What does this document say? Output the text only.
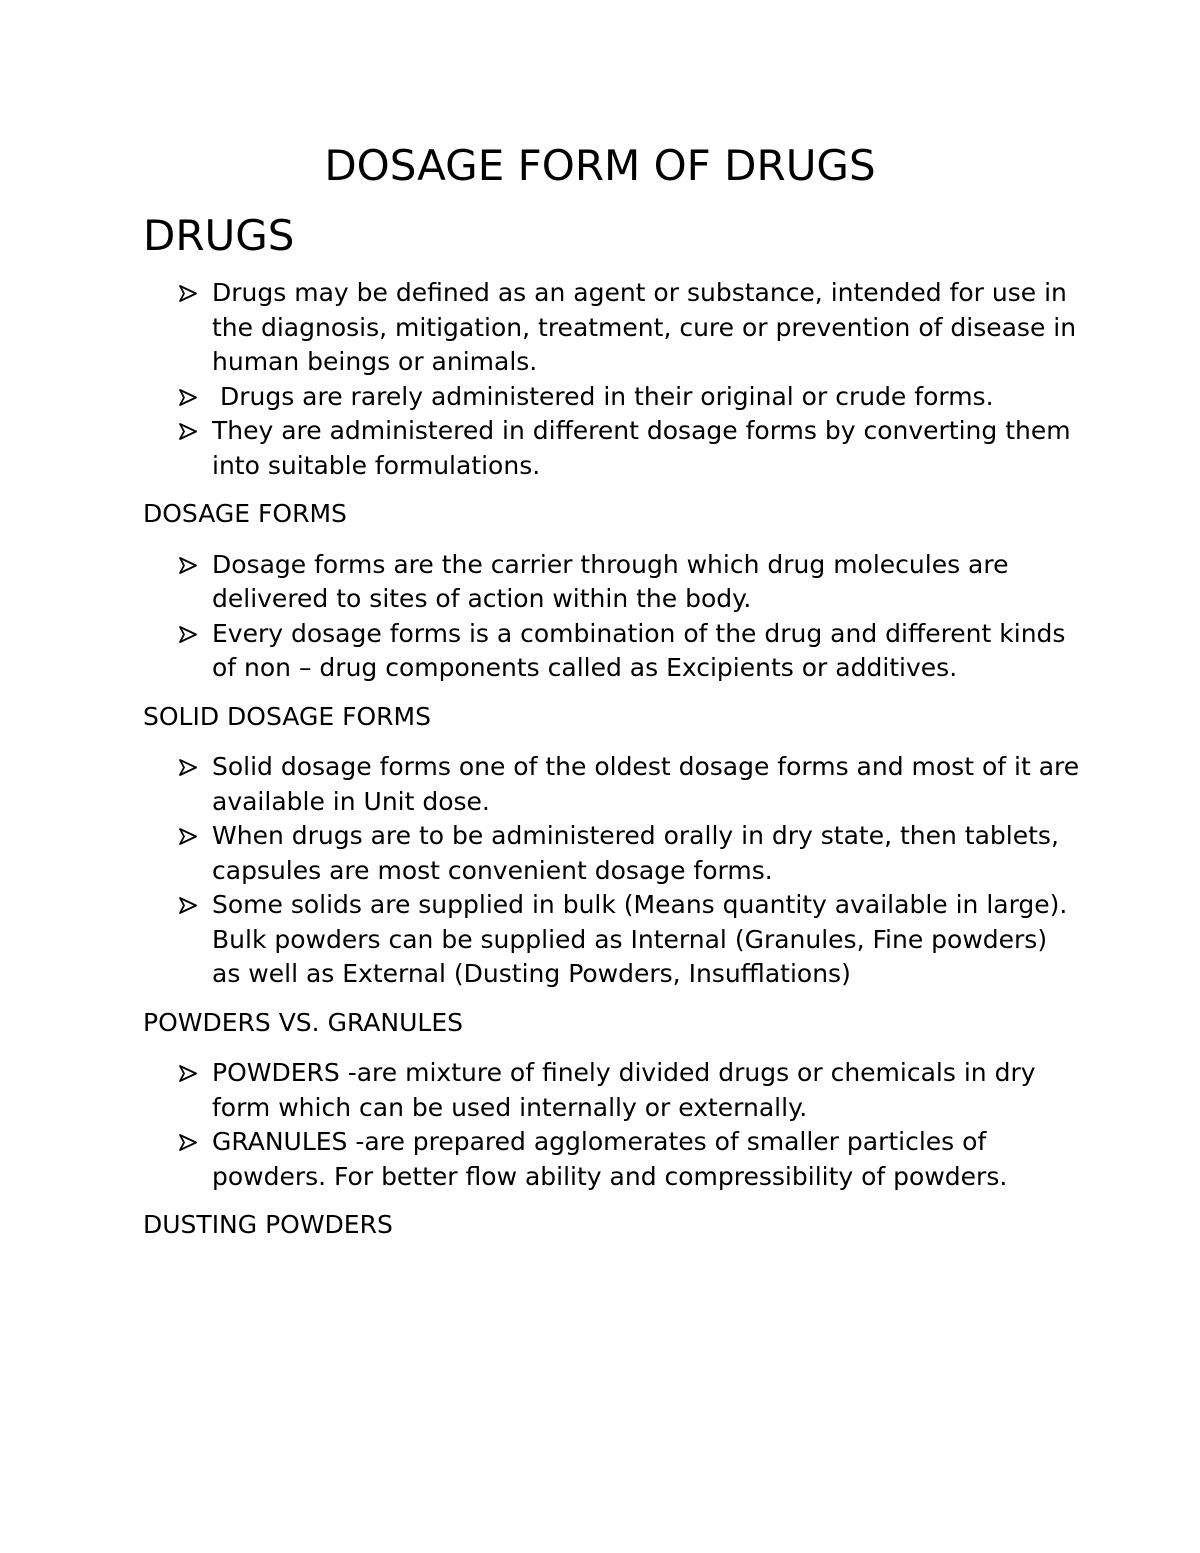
DOSAGE FORM OF DRUGS
DRUGS
Drugs may be defined as an agent or substance, intended for use in the diagnosis, mitigation, treatment, cure or prevention of disease in human beings or animals.
Drugs are rarely administered in their original or crude forms.
They are administered in different dosage forms by converting them into suitable formulations.
DOSAGE FORMS
Dosage forms are the carrier through which drug molecules are delivered to sites of action within the body.
Every dosage forms is a combination of the drug and different kinds of non – drug components called as Excipients or additives.
SOLID DOSAGE FORMS
Solid dosage forms one of the oldest dosage forms and most of it are available in Unit dose.
When drugs are to be administered orally in dry state, then tablets, capsules are most convenient dosage forms.
Some solids are supplied in bulk (Means quantity available in large). Bulk powders can be supplied as Internal (Granules, Fine powders) as well as External (Dusting Powders, Insufflations)
POWDERS VS. GRANULES
POWDERS -are mixture of finely divided drugs or chemicals in dry form which can be used internally or externally.
GRANULES -are prepared agglomerates of smaller particles of powders. For better flow ability and compressibility of powders.
DUSTING POWDERS
